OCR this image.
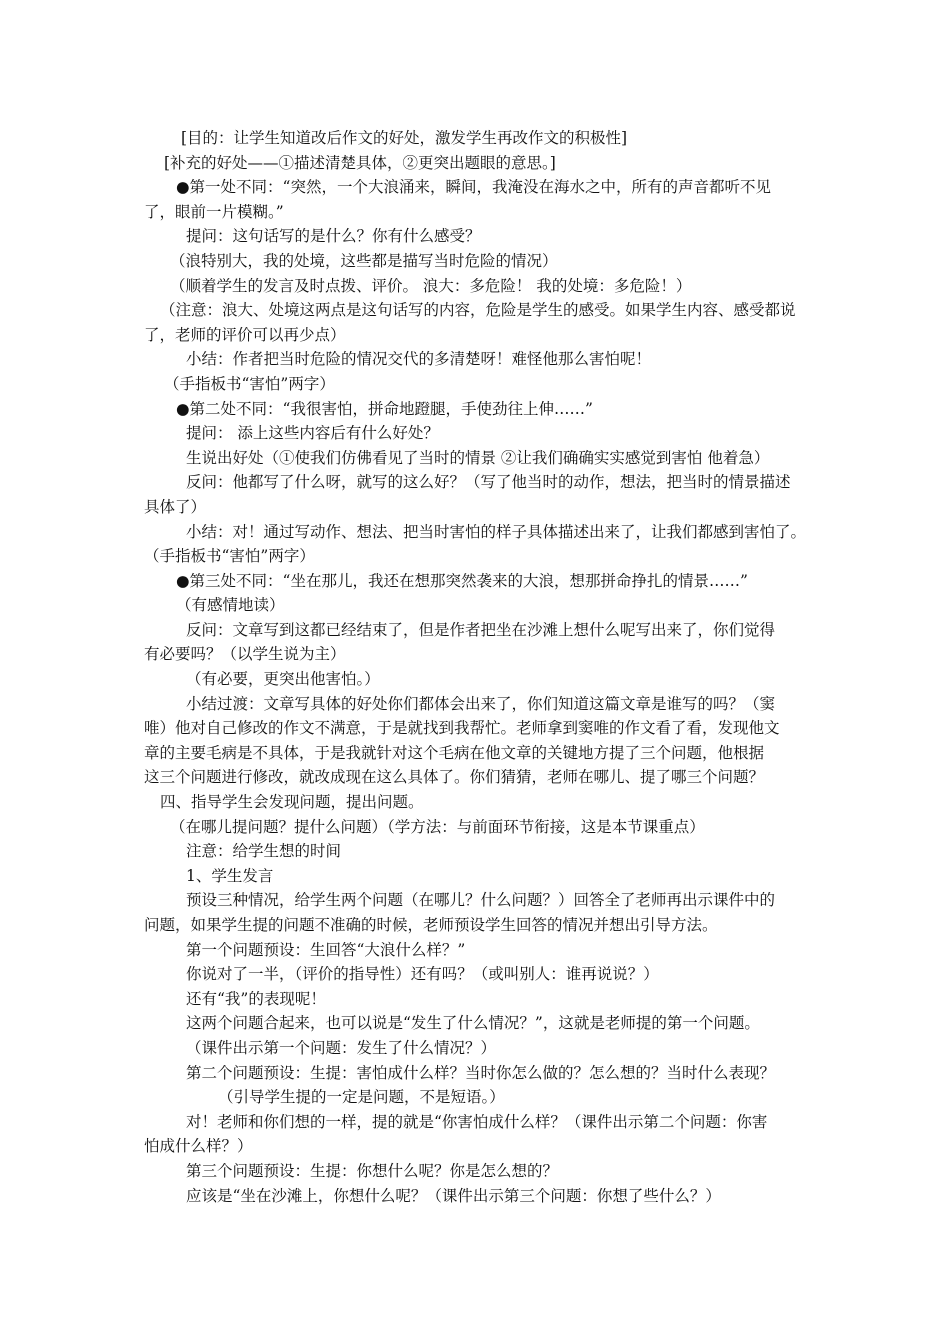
[目的：让学生知道改后作文的好处，激发学生再改作文的积极性]
[补充的好处——①描述清楚具体，②更突出题眼的意思。]
●第一处不同：“突然，一个大浪涌来，瞬间，我淹没在海水之中，所有的声音都听不见
了，眼前一片模糊。”
提问：这句话写的是什么？你有什么感受？
（浪特别大，我的处境，这些都是描写当时危险的情况）
（顺着学生的发言及时点拨、评价。 浪大：多危险！ 我的处境：多危险！）
（注意：浪大、处境这两点是这句话写的内容，危险是学生的感受。如果学生内容、感受都说
了，老师的评价可以再少点）
小结：作者把当时危险的情况交代的多清楚呀！难怪他那么害怕呢！
（手指板书“害怕”两字）
●第二处不同：“我很害怕，拼命地蹬腿，手使劲往上伸……”
提问： 添上这些内容后有什么好处？
生说出好处（①使我们仿佛看见了当时的情景 ②让我们确确实实感觉到害怕 他着急）
反问：他都写了什么呀，就写的这么好？（写了他当时的动作，想法，把当时的情景描述
具体了）
小结：对！通过写动作、想法、把当时害怕的样子具体描述出来了，让我们都感到害怕了。
（手指板书“害怕”两字）
●第三处不同：“坐在那儿，我还在想那突然袭来的大浪，想那拼命挣扎的情景……”
（有感情地读）
反问：文章写到这都已经结束了，但是作者把坐在沙滩上想什么呢写出来了，你们觉得
有必要吗？（以学生说为主）
（有必要，更突出他害怕。）
小结过渡：文章写具体的好处你们都体会出来了，你们知道这篇文章是谁写的吗？（窦
唯）他对自己修改的作文不满意，于是就找到我帮忙。老师拿到窦唯的作文看了看，发现他文
章的主要毛病是不具体，于是我就针对这个毛病在他文章的关键地方提了三个问题，他根据
这三个问题进行修改，就改成现在这么具体了。你们猜猜，老师在哪儿、提了哪三个问题？
四、指导学生会发现问题，提出问题。
（在哪儿提问题？提什么问题）（学方法：与前面环节衔接，这是本节课重点）
注意：给学生想的时间
1、学生发言
预设三种情况，给学生两个问题（在哪儿？什么问题？）回答全了老师再出示课件中的
问题，如果学生提的问题不准确的时候，老师预设学生回答的情况并想出引导方法。
第一个问题预设：生回答“大浪什么样？”
你说对了一半，（评价的指导性）还有吗？（或叫别人：谁再说说？）
还有“我”的表现呢！
这两个问题合起来，也可以说是“发生了什么情况？”，这就是老师提的第一个问题。
（课件出示第一个问题：发生了什么情况？）
第二个问题预设：生提：害怕成什么样？当时你怎么做的？怎么想的？当时什么表现？
（引导学生提的一定是问题，不是短语。）
对！老师和你们想的一样，提的就是“你害怕成什么样？（课件出示第二个问题：你害
怕成什么样？）
第三个问题预设：生提：你想什么呢？你是怎么想的？
应该是“坐在沙滩上，你想什么呢？（课件出示第三个问题：你想了些什么？）
